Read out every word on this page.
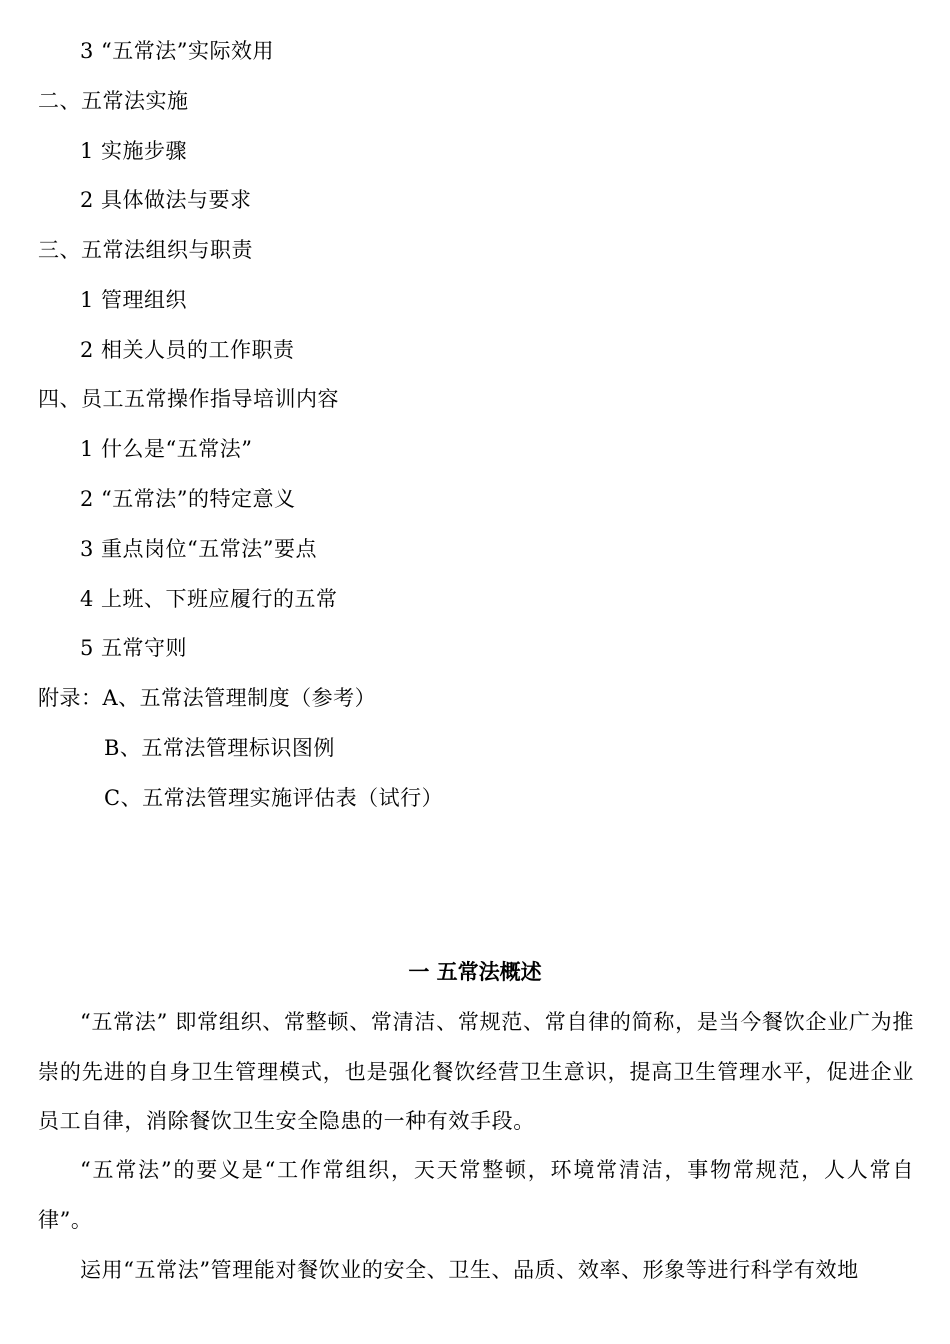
3 “五常法”实际效用
二、五常法实施
1 实施步骤
2 具体做法与要求
三、五常法组织与职责
1 管理组织
2 相关人员的工作职责
四、员工五常操作指导培训内容
1 什么是“五常法”
2 “五常法”的特定意义
3 重点岗位“五常法”要点
4 上班、下班应履行的五常
5 五常守则
附录：A、五常法管理制度（参考）
B、五常法管理标识图例
C、五常法管理实施评估表（试行）
一 五常法概述

“五常法” 即常组织、常整顿、常清洁、常规范、常自律的简称，是当今餐饮企业广为推崇的先进的自身卫生管理模式，也是强化餐饮经营卫生意识，提高卫生管理水平，促进企业员工自律，消除餐饮卫生安全隐患的一种有效手段。

“五常法”的要义是“工作常组织，天天常整顿，环境常清洁，事物常规范，人人常自律”。

运用“五常法”管理能对餐饮业的安全、卫生、品质、效率、形象等进行科学有效地
